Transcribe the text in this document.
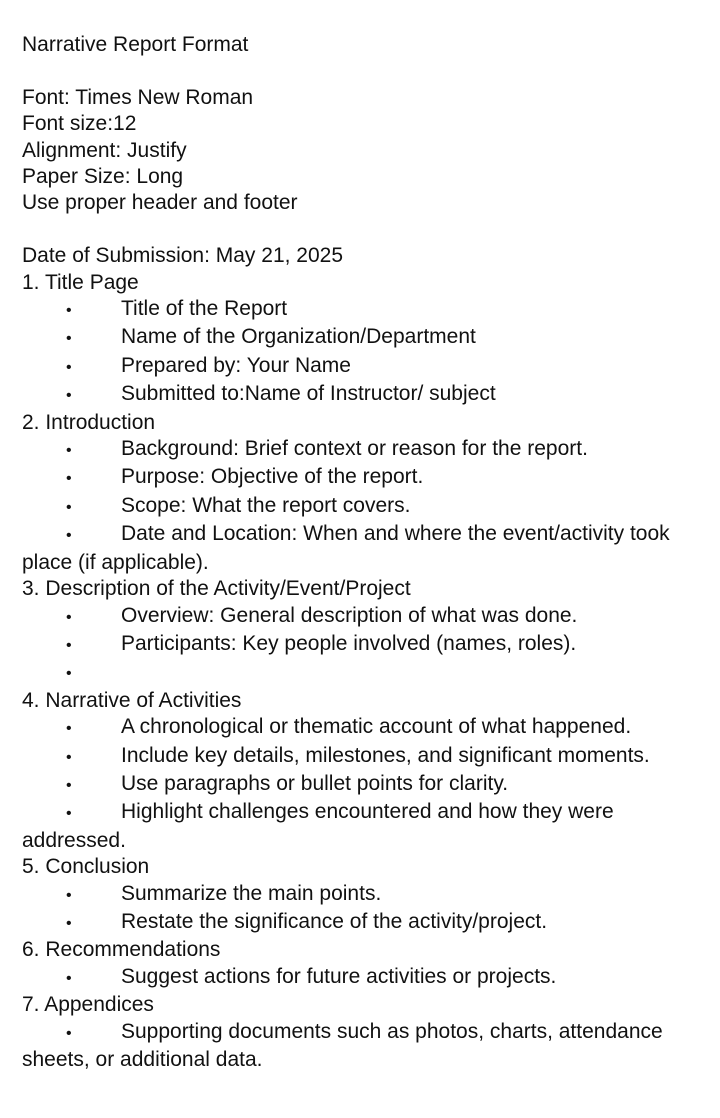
Narrative Report Format
Font: Times New Roman
Font size:12
Alignment: Justify
Paper Size: Long
Use proper header and footer
Date of Submission: May 21, 2025
1. Title Page
• Title of the Report
• Name of the Organization/Department
• Prepared by: Your Name
• Submitted to:Name of Instructor/ subject
2. Introduction
• Background: Brief context or reason for the report.
• Purpose: Objective of the report.
• Scope: What the report covers.
• Date and Location: When and where the event/activity took place (if applicable).
3. Description of the Activity/Event/Project
• Overview: General description of what was done.
• Participants: Key people involved (names, roles).
•
4. Narrative of Activities
• A chronological or thematic account of what happened.
• Include key details, milestones, and significant moments.
• Use paragraphs or bullet points for clarity.
• Highlight challenges encountered and how they were addressed.
5. Conclusion
• Summarize the main points.
• Restate the significance of the activity/project.
6. Recommendations
• Suggest actions for future activities or projects.
7. Appendices
• Supporting documents such as photos, charts, attendance sheets, or additional data.
